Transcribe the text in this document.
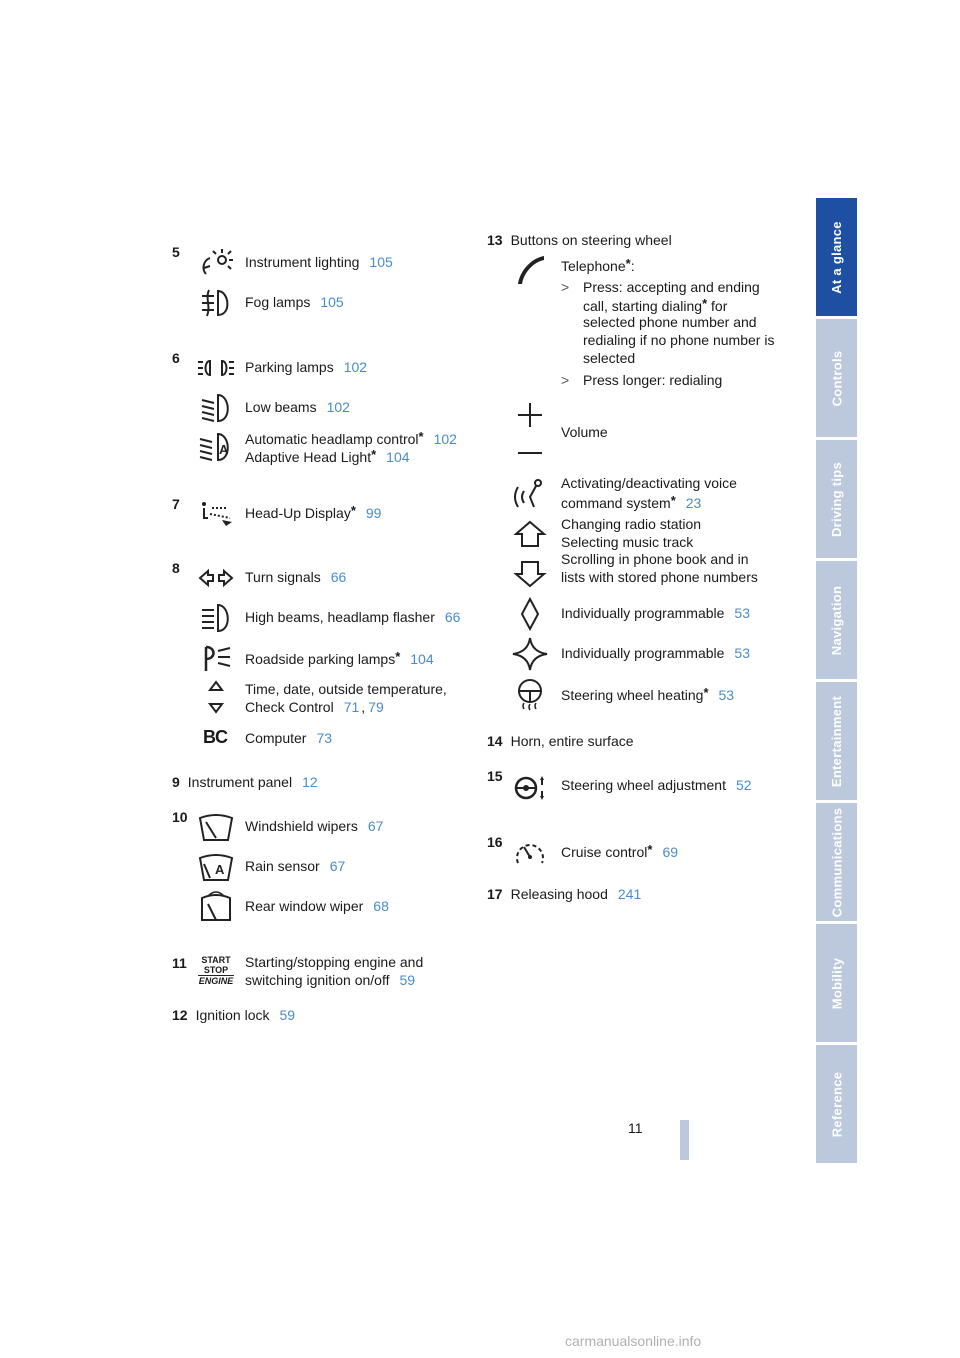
At a glance
Controls
Driving tips
Navigation
Entertainment
Communications
Mobility
Reference
5
Instrument lighting 105
Fog lamps 105
6
Parking lamps 102
Low beams 102
A
Automatic headlamp control* 102
Adaptive Head Light* 104
7
Head-Up Display* 99
8
Turn signals 66
High beams, headlamp flasher 66
Roadside parking lamps* 104
Time, date, outside temperature,
Check Control 71 , 79
BC Computer 73
9 Instrument panel 12
10
Windshield wipers 67
A Rain sensor 67
Rear window wiper 68
11	START
STOP
ENGINE
Starting/stopping engine and
switching ignition on/off 59
12 Ignition lock 59
13 Buttons on steering wheel
Telephone*:
> Press: accepting and ending
call, starting dialing* for
selected phone number and
redialing if no phone number is
selected
> Press longer: redialing
Volume
Activating/deactivating voice
command system* 23
Changing radio station
Selecting music track
Scrolling in phone book and in
lists with stored phone numbers
Individually programmable 53
Individually programmable 53
Steering wheel heating* 53
14 Horn, entire surface
15
Steering wheel adjustment 52
16
Cruise control* 69
17 Releasing hood 241
11
carmanualsonline.info
